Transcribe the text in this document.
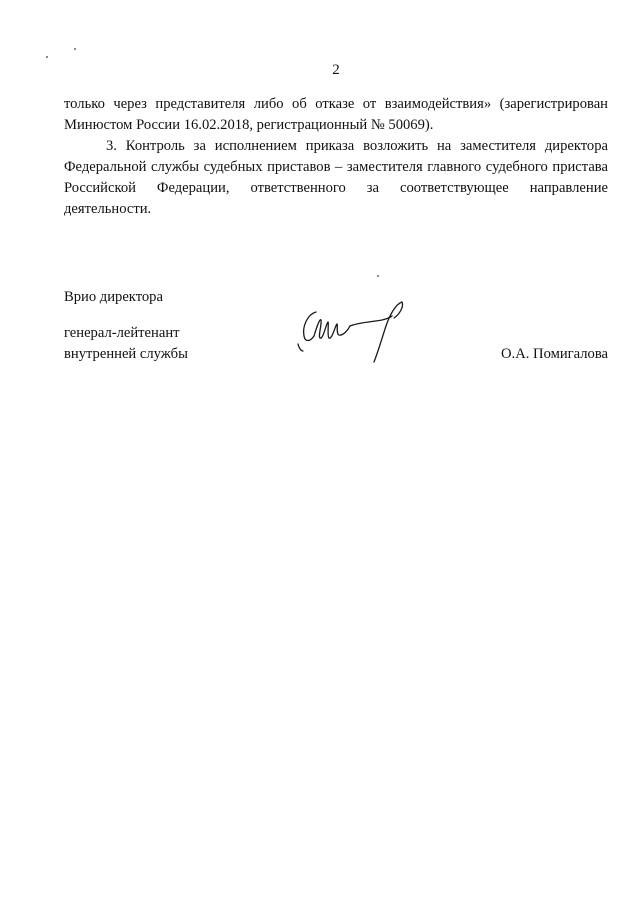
2

только через представителя либо об отказе от взаимодействия» (зарегистрирован Минюстом России 16.02.2018, регистрационный № 50069).

3. Контроль за исполнением приказа возложить на заместителя директора Федеральной службы судебных приставов – заместителя главного судебного пристава Российской Федерации, ответственного за соответствующее направление деятельности.

Врио директора
генерал-лейтенант
внутренней службы	О.А. Помигалова
